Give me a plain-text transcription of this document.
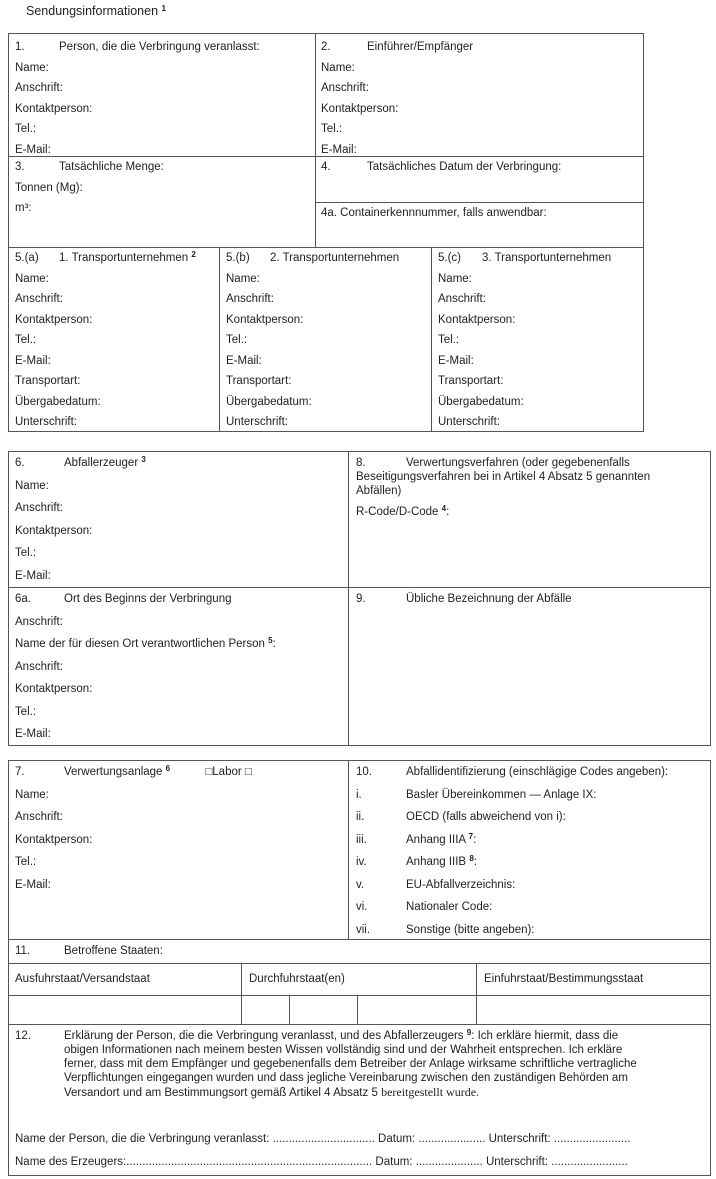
Sendungsinformationen $^1$
1.	Person, die die Verbringung veranlasst:
Name:
Anschrift:
Kontaktperson:
Tel.:
E-Mail:
2.	Einführer/Empfänger
Name:
Anschrift:
Kontaktperson:
Tel.:
E-Mail:
3.	Tatsächliche Menge:
Tonnen (Mg):
m³:
4.	Tatsächliches Datum der Verbringung:
4a. Containerkennnummer, falls anwendbar:
5.(a) 1. Transportunternehmen $^2$
Name:
Anschrift:
Kontaktperson:
Tel.:
E-Mail:
Transportart:
Übergabedatum:
Unterschrift:
5.(b) 2. Transportunternehmen
Name:
Anschrift:
Kontaktperson:
Tel.:
E-Mail:
Transportart:
Übergabedatum:
Unterschrift:
5.(c) 3. Transportunternehmen
Name:
Anschrift:
Kontaktperson:
Tel.:
E-Mail:
Transportart:
Übergabedatum:
Unterschrift:
6.	Abfallerzeuger $^3$
Name:
Anschrift:
Kontaktperson:
Tel.:
E-Mail:
8.	Verwertungsverfahren (oder gegebenenfalls
Beseitigungsverfahren bei in Artikel 4 Absatz 5 genannten
Abfällen)
R-Code/D-Code $^4$:
6a.	Ort des Beginns der Verbringung
Anschrift:
Name der für diesen Ort verantwortlichen Person $^5$:
Anschrift:
Kontaktperson:
Tel.:
E-Mail:
9.	Übliche Bezeichnung der Abfälle
7.	Verwertungsanlage $^6$	□Labor □
Name:
Anschrift:
Kontaktperson:
Tel.:
E-Mail:
10.	Abfallidentifizierung (einschlägige Codes angeben):
i.	Basler Übereinkommen — Anlage IX:
ii.	OECD (falls abweichend von i):
iii.	Anhang IIIA $^7$:
iv.	Anhang IIIB $^8$:
v.	EU-Abfallverzeichnis:
vi.	Nationaler Code:
vii.	Sonstige (bitte angeben):
11.	Betroffene Staaten:
Ausfuhrstaat/Versandstaat	Durchfuhrstaat(en)	Einfuhrstaat/Bestimmungsstaat
12.	Erklärung der Person, die die Verbringung veranlasst, und des Abfallerzeugers $^9$: Ich erkläre hiermit, dass die
obigen Informationen nach meinem besten Wissen vollständig sind und der Wahrheit entsprechen. Ich erkläre
ferner, dass mit dem Empfänger und gegebenenfalls dem Betreiber der Anlage wirksame schriftliche vertragliche
Verpflichtungen eingegangen wurden und dass jegliche Vereinbarung zwischen den zuständigen Behörden am
Versandort und am Bestimmungsort gemäß Artikel 4 Absatz 5 bereitgestellt wurde.
Name der Person, die die Verbringung veranlasst: ................................ Datum: ..................... Unterschrift: ........................
Name des Erzeugers:............................................................................. Datum: ..................... Unterschrift: ........................
